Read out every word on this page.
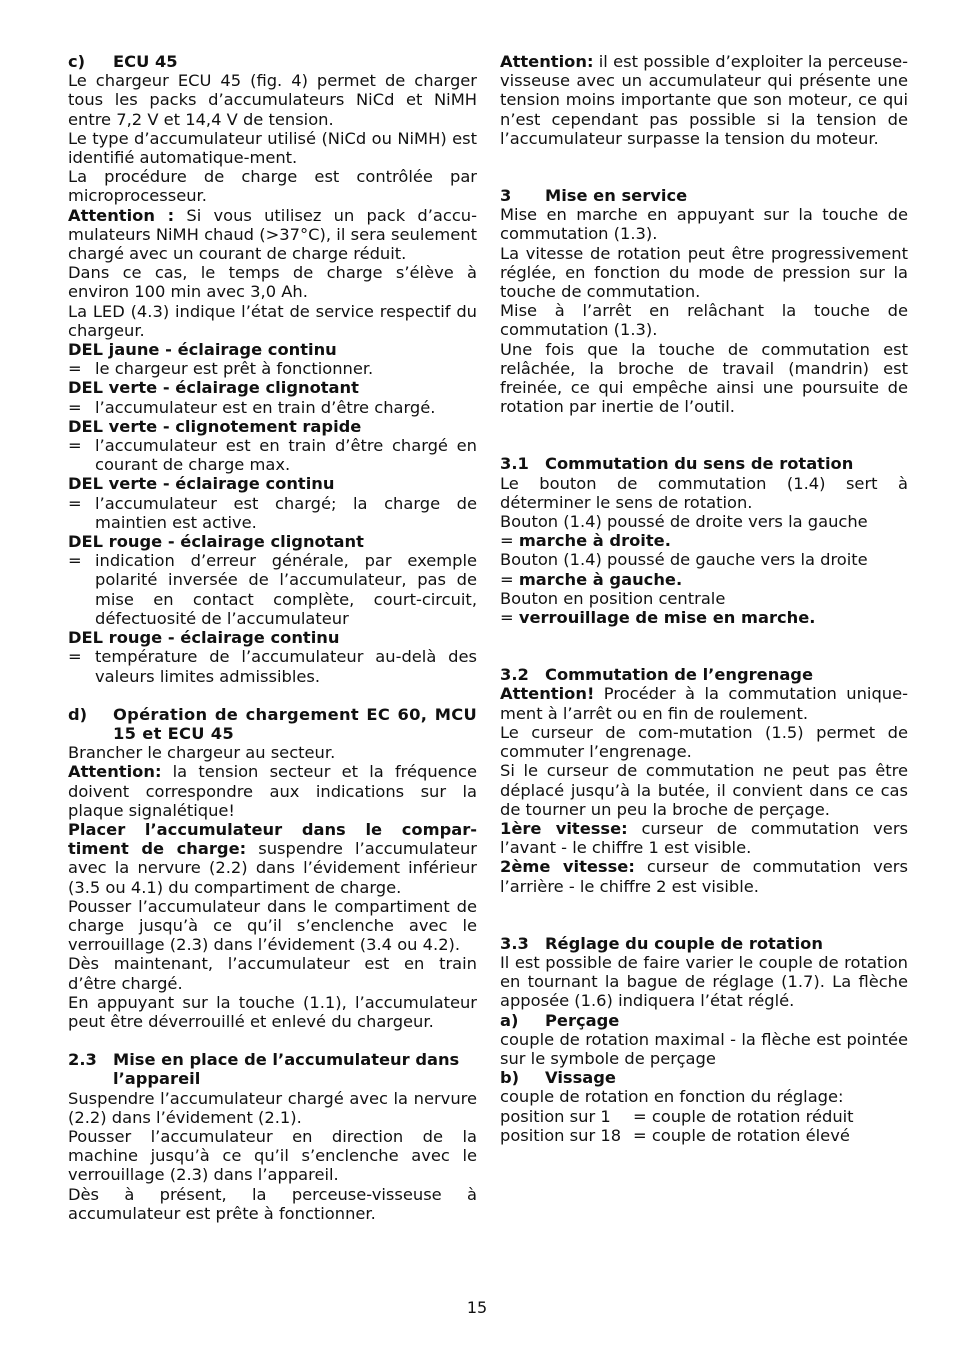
c) ECU 45

Le chargeur ECU 45 (fig. 4) permet de charger tous les packs d’accumulateurs NiCd et NiMH entre 7,2 V et 14,4 V de tension.

Le type d’accumulateur utilisé (NiCd ou NiMH) est identifié automatique-ment.

La procédure de charge est contrôlée par microprocesseur.

Attention : Si vous utilisez un pack d’accu-mulateurs NiMH chaud (>37°C), il sera seulement chargé avec un courant de charge réduit.

Dans ce cas, le temps de charge s’élève à environ 100 min avec 3,0 Ah.

La LED (4.3) indique l’état de service respectif du chargeur.

DEL jaune - éclairage continu

= le chargeur est prêt à fonctionner.

DEL verte - éclairage clignotant

= l’accumulateur est en train d’être chargé.

DEL verte - clignotement rapide

= l’accumulateur est en train d’être chargé en courant de charge max.

DEL verte - éclairage continu

= l’accumulateur est chargé; la charge de maintien est active.

DEL rouge - éclairage clignotant

= indication d’erreur générale, par exemple polarité inversée de l’accumulateur, pas de mise en contact complète, court-circuit, défectuosité de l’accumulateur

DEL rouge - éclairage continu

= température de l’accumulateur au-delà des valeurs limites admissibles.
d)	Opération de chargement EC 60, MCU 15 et ECU 45

Brancher le chargeur au secteur.

Attention: la tension secteur et la fréquence doivent correspondre aux indications sur la plaque signalétique!

Placer l’accumulateur dans le compar-timent de charge: suspendre l’accumulateur avec la nervure (2.2) dans l’évidement inférieur (3.5 ou 4.1) du compartiment de charge.

Pousser l’accumulateur dans le compartiment de charge jusqu’à ce qu’il s’enclenche avec le verrouillage (2.3) dans l’évidement (3.4 ou 4.2).

Dès maintenant, l’accumulateur est en train d’être chargé.

En appuyant sur la touche (1.1), l’accumulateur peut être déverrouillé et enlevé du chargeur.

2.3 Mise en place de l’accumulateur dans l’appareil

Suspendre l’accumulateur chargé avec la nervure (2.2) dans l’évidement (2.1).

Pousser l’accumulateur en direction de la machine jusqu’à ce qu’il s’enclenche avec le verrouillage (2.3) dans l’appareil.

Dès à présent, la perceuse-visseuse à accumulateur est prête à fonctionner.

Attention: il est possible d’exploiter la perceuse-visseuse avec un accumulateur qui présente une tension moins importante que son moteur, ce qui n’est cependant pas possible si la tension de l’accumulateur surpasse la tension du moteur.

3 Mise en service

Mise en marche en appuyant sur la touche de commutation (1.3).

La vitesse de rotation peut être progressivement réglée, en fonction du mode de pression sur la touche de commutation.

Mise à l’arrêt en relâchant la touche de commutation (1.3).

Une fois que la touche de commutation est relâchée, la broche de travail (mandrin) est freinée, ce qui empêche ainsi une poursuite de rotation par inertie de l’outil.

3.1 Commutation du sens de rotation

Le bouton de commutation (1.4) sert à déterminer le sens de rotation.

Bouton (1.4) poussé de droite vers la gauche

= marche à droite.

Bouton (1.4) poussé de gauche vers la droite

= marche à gauche.

Bouton en position centrale

= verrouillage de mise en marche.

3.2 Commutation de l’engrenage

Attention! Procéder à la commutation unique-ment à l’arrêt ou en fin de roulement.

Le curseur de com-mutation (1.5) permet de commuter l’engrenage.

Si le curseur de commutation ne peut pas être déplacé jusqu’à la butée, il convient dans ce cas de tourner un peu la broche de perçage.

1ère vitesse: curseur de commutation vers l’avant - le chiffre 1 est visible.

2ème vitesse: curseur de commutation vers l’arrière - le chiffre 2 est visible.

3.3 Réglage du couple de rotation

Il est possible de faire varier le couple de rotation en tournant la bague de réglage (1.7). La flèche apposée (1.6) indiquera l’état réglé.

a) Perçage

couple de rotation maximal - la flèche est pointée sur le symbole de perçage

b) Vissage

couple de rotation en fonction du réglage:

position sur 1	= couple de rotation réduit
position sur 18 = couple de rotation élevé
15
